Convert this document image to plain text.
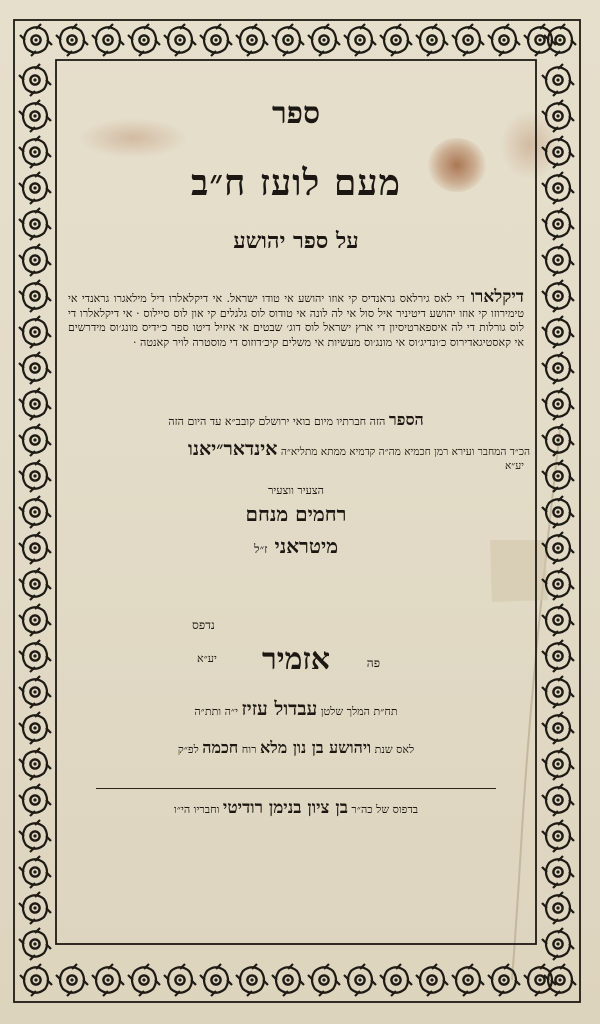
ספר
מעם לועז ח״ב
על ספר יהושע
דיקלארודי לאס גירלאס גראנדיס קי אוזו יהושע אי טודו ישראל. אי דיקלאלרו דיל מילאגרו גראנדי אי טימירוזו קי אוזו יהושע דיטיניר איל סול אי לה לונה אי טודוס לוס גלגלים קי און לוס סיילוס · אי דיקלאלרו די לוס גורלות די לה איספארטיסיון די ארץ ישראל לוס דוג׳ שבטים אי איזיל דיטו ספר כ׳ידיס מונג׳וס מידרשים אי קאסטיגאדירוס כ׳ונדיג׳וס אי מונג׳וס מעשיות אי משלים קיכ׳דוזוס די מוסטרה לויר קאנטה ·
הספר הזה חברתיו מיום בואי ירושלם קובב״א עד היום הזה
הכ״ד המחבר ועירא רמן חכמיא מה״ה קדמיא ממתא מתליא״ה אינדאר״יאנו
יע״א
הצעיר ווצעיר
רחמים מנחם
מיטראני ז״ל
נדפס
פה
אזמיר
יע״א
תח״ת המלך שלטן עבדול עזיז י״ה ותת״ה
לאס שנת ויהושע בן נון מלא רוח חכמה לפ״ק
בדפוס של כה״ר בן ציון בנימן רודיטי וחבריו הי״ו
